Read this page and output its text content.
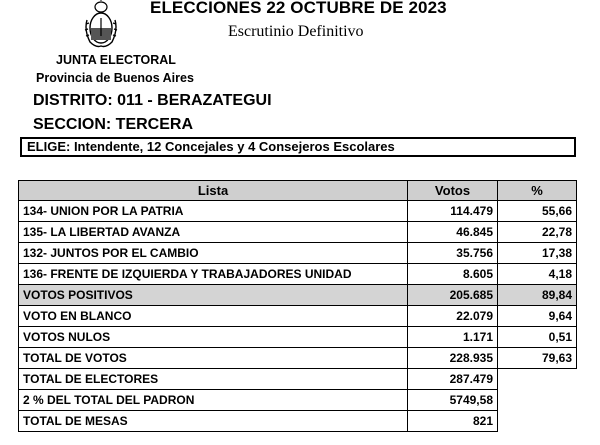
ELECCIONES 22 OCTUBRE DE 2023
Escrutinio Definitivo
JUNTA ELECTORAL
Provincia de Buenos Aires
DISTRITO: 011 - BERAZATEGUI
SECCION: TERCERA
ELIGE: Intendente, 12 Concejales y 4 Consejeros Escolares
Lista	Votos	%
134- UNION POR LA PATRIA	114.479	55,66
135- LA LIBERTAD AVANZA	46.845	22,78
132- JUNTOS POR EL CAMBIO	35.756	17,38
136- FRENTE DE IZQUIERDA Y TRABAJADORES UNIDAD	8.605	4,18
VOTOS POSITIVOS	205.685	89,84
VOTO EN BLANCO	22.079	9,64
VOTOS NULOS	1.171	0,51
TOTAL DE VOTOS	228.935	79,63
TOTAL DE ELECTORES	287.479	
2 % DEL TOTAL DEL PADRON	5749,58	
TOTAL DE MESAS	821	
